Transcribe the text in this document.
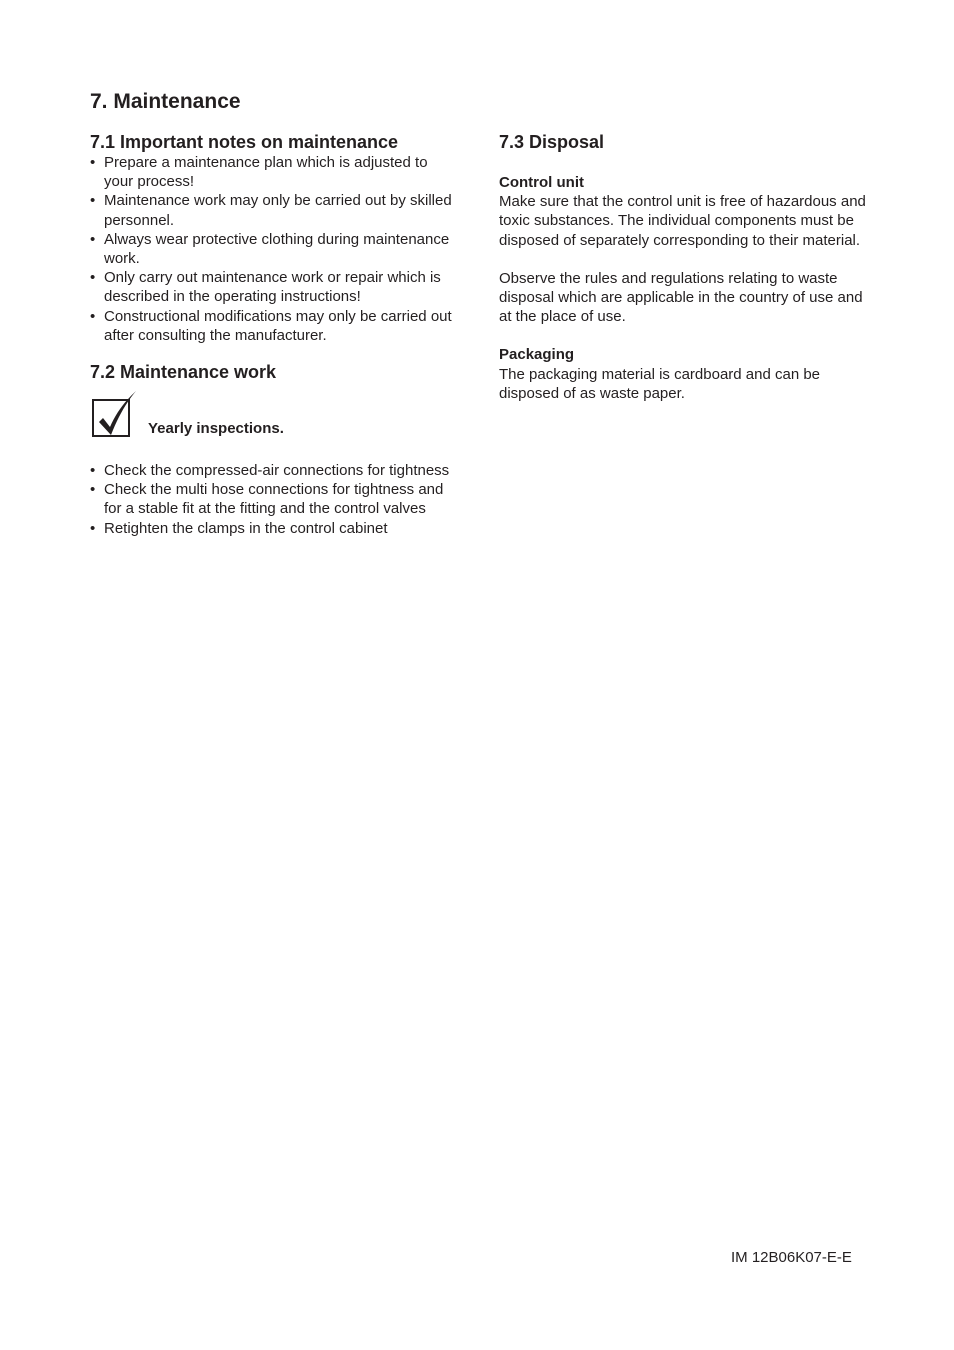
7. Maintenance
7.1 Important notes on maintenance
• Prepare a maintenance plan which is adjusted to your process!
• Maintenance work may only be carried out by skilled personnel.
• Always wear protective clothing during maintenance work.
• Only carry out maintenance work or repair which is described in the operating instructions!
• Constructional modifications may only be carried out after consulting the manufacturer.
7.2 Maintenance work
Yearly inspections.
• Check the compressed-air connections for tightness
• Check the multi hose connections for tightness and for a stable fit at the fitting and the control valves
• Retighten the clamps in the control cabinet
7.3 Disposal
Control unit

Make sure that the control unit is free of hazardous and toxic substances. The individual components must be disposed of separately corresponding to their material.

Observe the rules and regulations relating to waste disposal which are applicable in the country of use and at the place of use.

Packaging

The packaging material is cardboard and can be disposed of as waste paper.

IM 12B06K07-E-E
